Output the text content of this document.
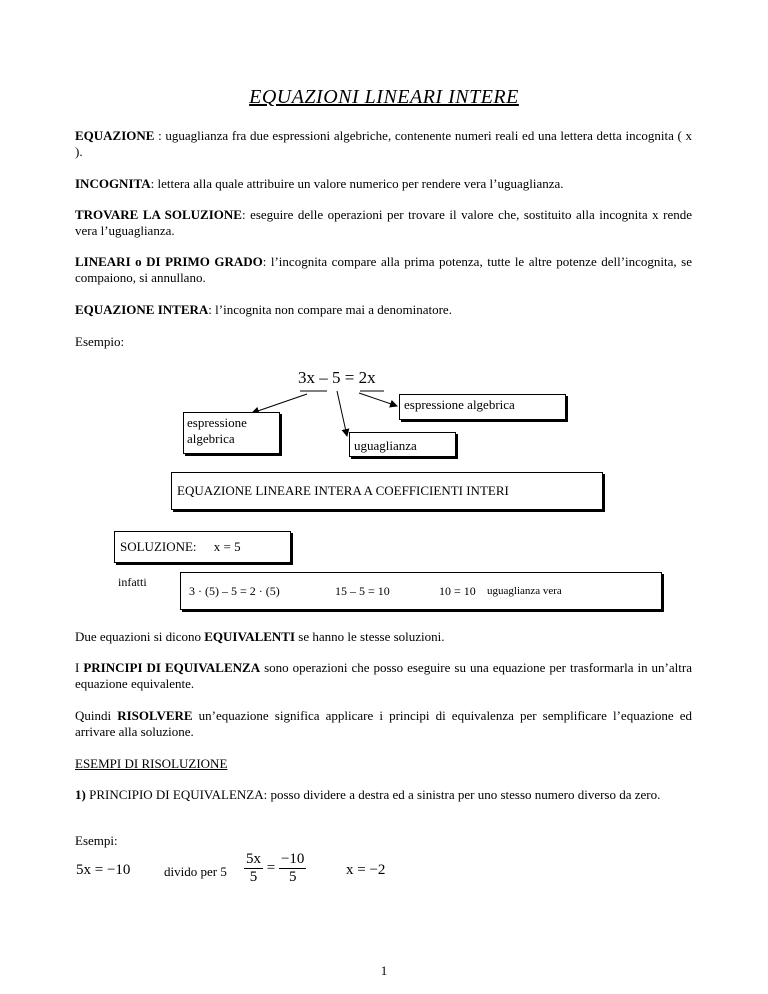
EQUAZIONI LINEARI INTERE
EQUAZIONE : uguaglianza fra due espressioni algebriche, contenente numeri reali ed una lettera detta incognita ( x ).
INCOGNITA: lettera alla quale attribuire un valore numerico per rendere vera l’uguaglianza.
TROVARE LA SOLUZIONE: eseguire delle operazioni per trovare il valore che, sostituito alla incognita x rende vera l’uguaglianza.
LINEARI o DI PRIMO GRADO: l’incognita compare alla prima potenza, tutte le altre potenze dell’incognita, se compaiono, si annullano.
EQUAZIONE INTERA: l’incognita non compare mai a denominatore.
Esempio:
3x – 5 = 2x
espressione algebrica
espressione
algebrica	uguaglianza
EQUAZIONE LINEARE INTERA A COEFFICIENTI INTERI
SOLUZIONE: x = 5
infatti
3 · (5) – 5 = 2 · (5)	15 – 5 = 10	10 = 10 uguaglianza vera
Due equazioni si dicono EQUIVALENTI se hanno le stesse soluzioni.
I PRINCIPI DI EQUIVALENZA sono operazioni che posso eseguire su una equazione per trasformarla in un’altra equazione equivalente.
Quindi RISOLVERE un’equazione significa applicare i principi di equivalenza per semplificare l’equazione ed arrivare alla soluzione.
ESEMPI DI RISOLUZIONE
1) PRINCIPIO DI EQUIVALENZA: posso dividere a destra ed a sinistra per uno stesso numero diverso da zero.
Esempi:
5x = −10	divido per $5 \frac{5x}{5} = \frac{-10}{5}$	x = −2
1
